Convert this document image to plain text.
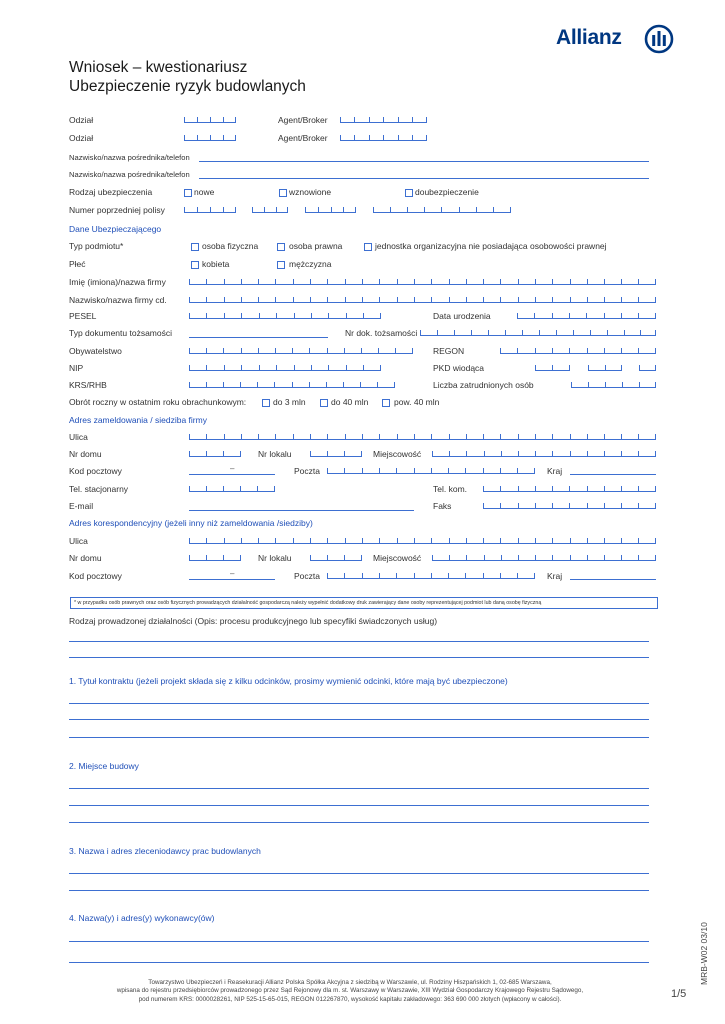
Allianz
Wniosek – kwestionariusz
Ubezpieczenie ryzyk budowlanych
Odział	Agent/Broker
Odział	Agent/Broker
Nazwisko/nazwa pośrednika/telefon
Nazwisko/nazwa pośrednika/telefon
Rodzaj ubezpieczenia	nowe	wznowione	doubezpieczenie
Numer poprzedniej polisy
Dane Ubezpieczającego
Typ podmiotu*	osoba fizyczna	osoba prawna	jednostka organizacyjna nie posiadająca osobowości prawnej
Płeć	kobieta	mężczyzna
Imię (imiona)/nazwa firmy
Nazwisko/nazwa firmy cd.
PESEL	Data urodzenia
Typ dokumentu tożsamości	Nr dok. tożsamości
Obywatelstwo	REGON
NIP	PKD wiodąca
KRS/RHB	Liczba zatrudnionych osób
Obrót roczny w ostatnim roku obrachunkowym:	do 3 mln	do 40 mln	pow. 40 mln
Adres zameldowania / siedziba firmy
Ulica
Nr domu	Nr lokalu	Miejscowość
Kod pocztowy	–	Poczta	Kraj
Tel. stacjonarny	Tel. kom.
E-mail	Faks
Adres korespondencyjny (jeżeli inny niż zameldowania /siedziby)
Ulica
Nr domu	Nr lokalu	Miejscowość
Kod pocztowy	–	Poczta	Kraj
* w przypadku osób prawnych oraz osób fizycznych prowadzących działalność gospodarczą należy wypełnić dodatkowy druk zawierający dane osoby reprezentującej podmiot lub daną osobę fizyczną
Rodzaj prowadzonej działalności (Opis: procesu produkcyjnego lub specyfiki świadczonych usług)
1. Tytuł kontraktu (jeżeli projekt składa się z kilku odcinków, prosimy wymienić odcinki, które mają być ubezpieczone)
2. Miejsce budowy
3. Nazwa i adres zleceniodawcy prac budowlanych
4. Nazwa(y) i adres(y) wykonawcy(ów)
MRB-W02 03/10
1/5
Towarzystwo Ubezpieczeń i Reasekuracji Allianz Polska Spółka Akcyjna z siedzibą w Warszawie, ul. Rodziny Hiszpańskich 1, 02-685 Warszawa,
wpisana do rejestru przedsiębiorców prowadzonego przez Sąd Rejonowy dla m. st. Warszawy w Warszawie, XIII Wydział Gospodarczy Krajowego Rejestru Sądowego,
pod numerem KRS: 0000028261, NIP 525-15-65-015, REGON 012267870, wysokość kapitału zakładowego: 363 690 000 złotych (wpłacony w całości).
